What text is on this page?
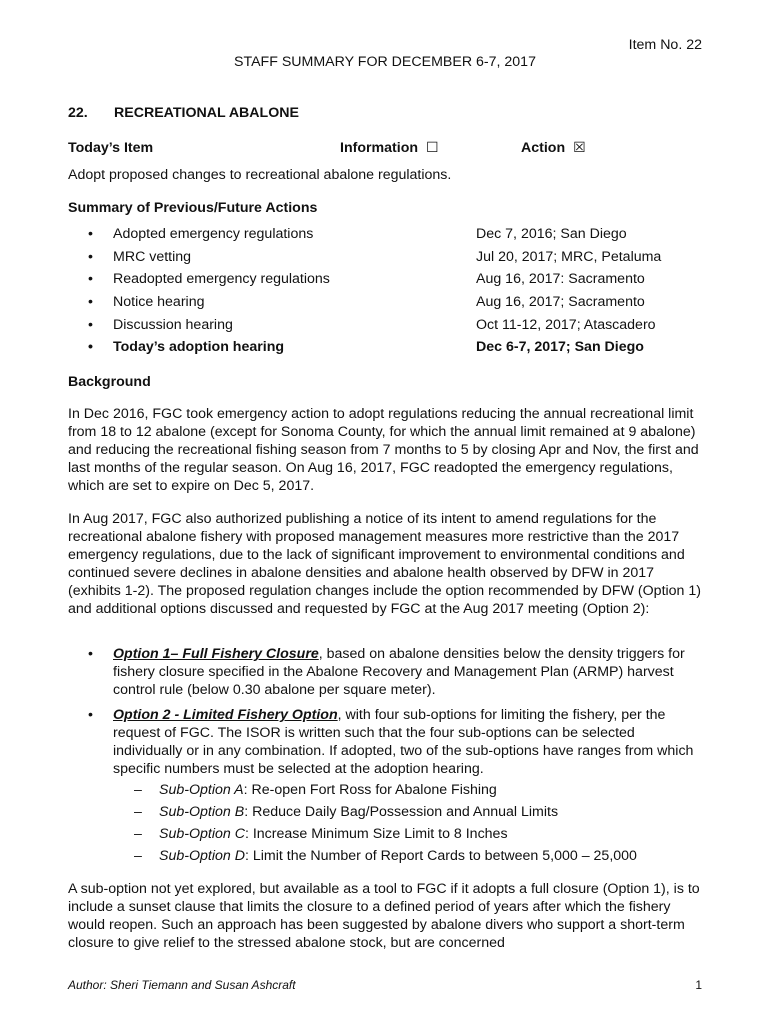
Item No. 22
STAFF SUMMARY FOR DECEMBER 6-7, 2017
22. RECREATIONAL ABALONE
Today’s Item	Information ☐	Action ☒
Adopt proposed changes to recreational abalone regulations.
Summary of Previous/Future Actions
• Adopted emergency regulations	Dec 7, 2016; San Diego
• MRC vetting	Jul 20, 2017; MRC, Petaluma
• Readopted emergency regulations	Aug 16, 2017: Sacramento
• Notice hearing	Aug 16, 2017; Sacramento
• Discussion hearing	Oct 11-12, 2017; Atascadero
• Today’s adoption hearing	Dec 6-7, 2017; San Diego
Background
In Dec 2016, FGC took emergency action to adopt regulations reducing the annual recreational limit from 18 to 12 abalone (except for Sonoma County, for which the annual limit remained at 9 abalone) and reducing the recreational fishing season from 7 months to 5 by closing Apr and Nov, the first and last months of the regular season. On Aug 16, 2017, FGC readopted the emergency regulations, which are set to expire on Dec 5, 2017.
In Aug 2017, FGC also authorized publishing a notice of its intent to amend regulations for the recreational abalone fishery with proposed management measures more restrictive than the 2017 emergency regulations, due to the lack of significant improvement to environmental conditions and continued severe declines in abalone densities and abalone health observed by DFW in 2017 (exhibits 1-2). The proposed regulation changes include the option recommended by DFW (Option 1) and additional options discussed and requested by FGC at the Aug 2017 meeting (Option 2):
• Option 1– Full Fishery Closure, based on abalone densities below the density triggers for fishery closure specified in the Abalone Recovery and Management Plan (ARMP) harvest control rule (below 0.30 abalone per square meter).
• Option 2 - Limited Fishery Option, with four sub-options for limiting the fishery, per the request of FGC. The ISOR is written such that the four sub-options can be selected individually or in any combination. If adopted, two of the sub-options have ranges from which specific numbers must be selected at the adoption hearing.
– Sub-Option A: Re-open Fort Ross for Abalone Fishing
– Sub-Option B: Reduce Daily Bag/Possession and Annual Limits
– Sub-Option C: Increase Minimum Size Limit to 8 Inches
– Sub-Option D: Limit the Number of Report Cards to between 5,000 – 25,000
A sub-option not yet explored, but available as a tool to FGC if it adopts a full closure (Option 1), is to include a sunset clause that limits the closure to a defined period of years after which the fishery would reopen. Such an approach has been suggested by abalone divers who support a short-term closure to give relief to the stressed abalone stock, but are concerned
Author: Sheri Tiemann and Susan Ashcraft	1
